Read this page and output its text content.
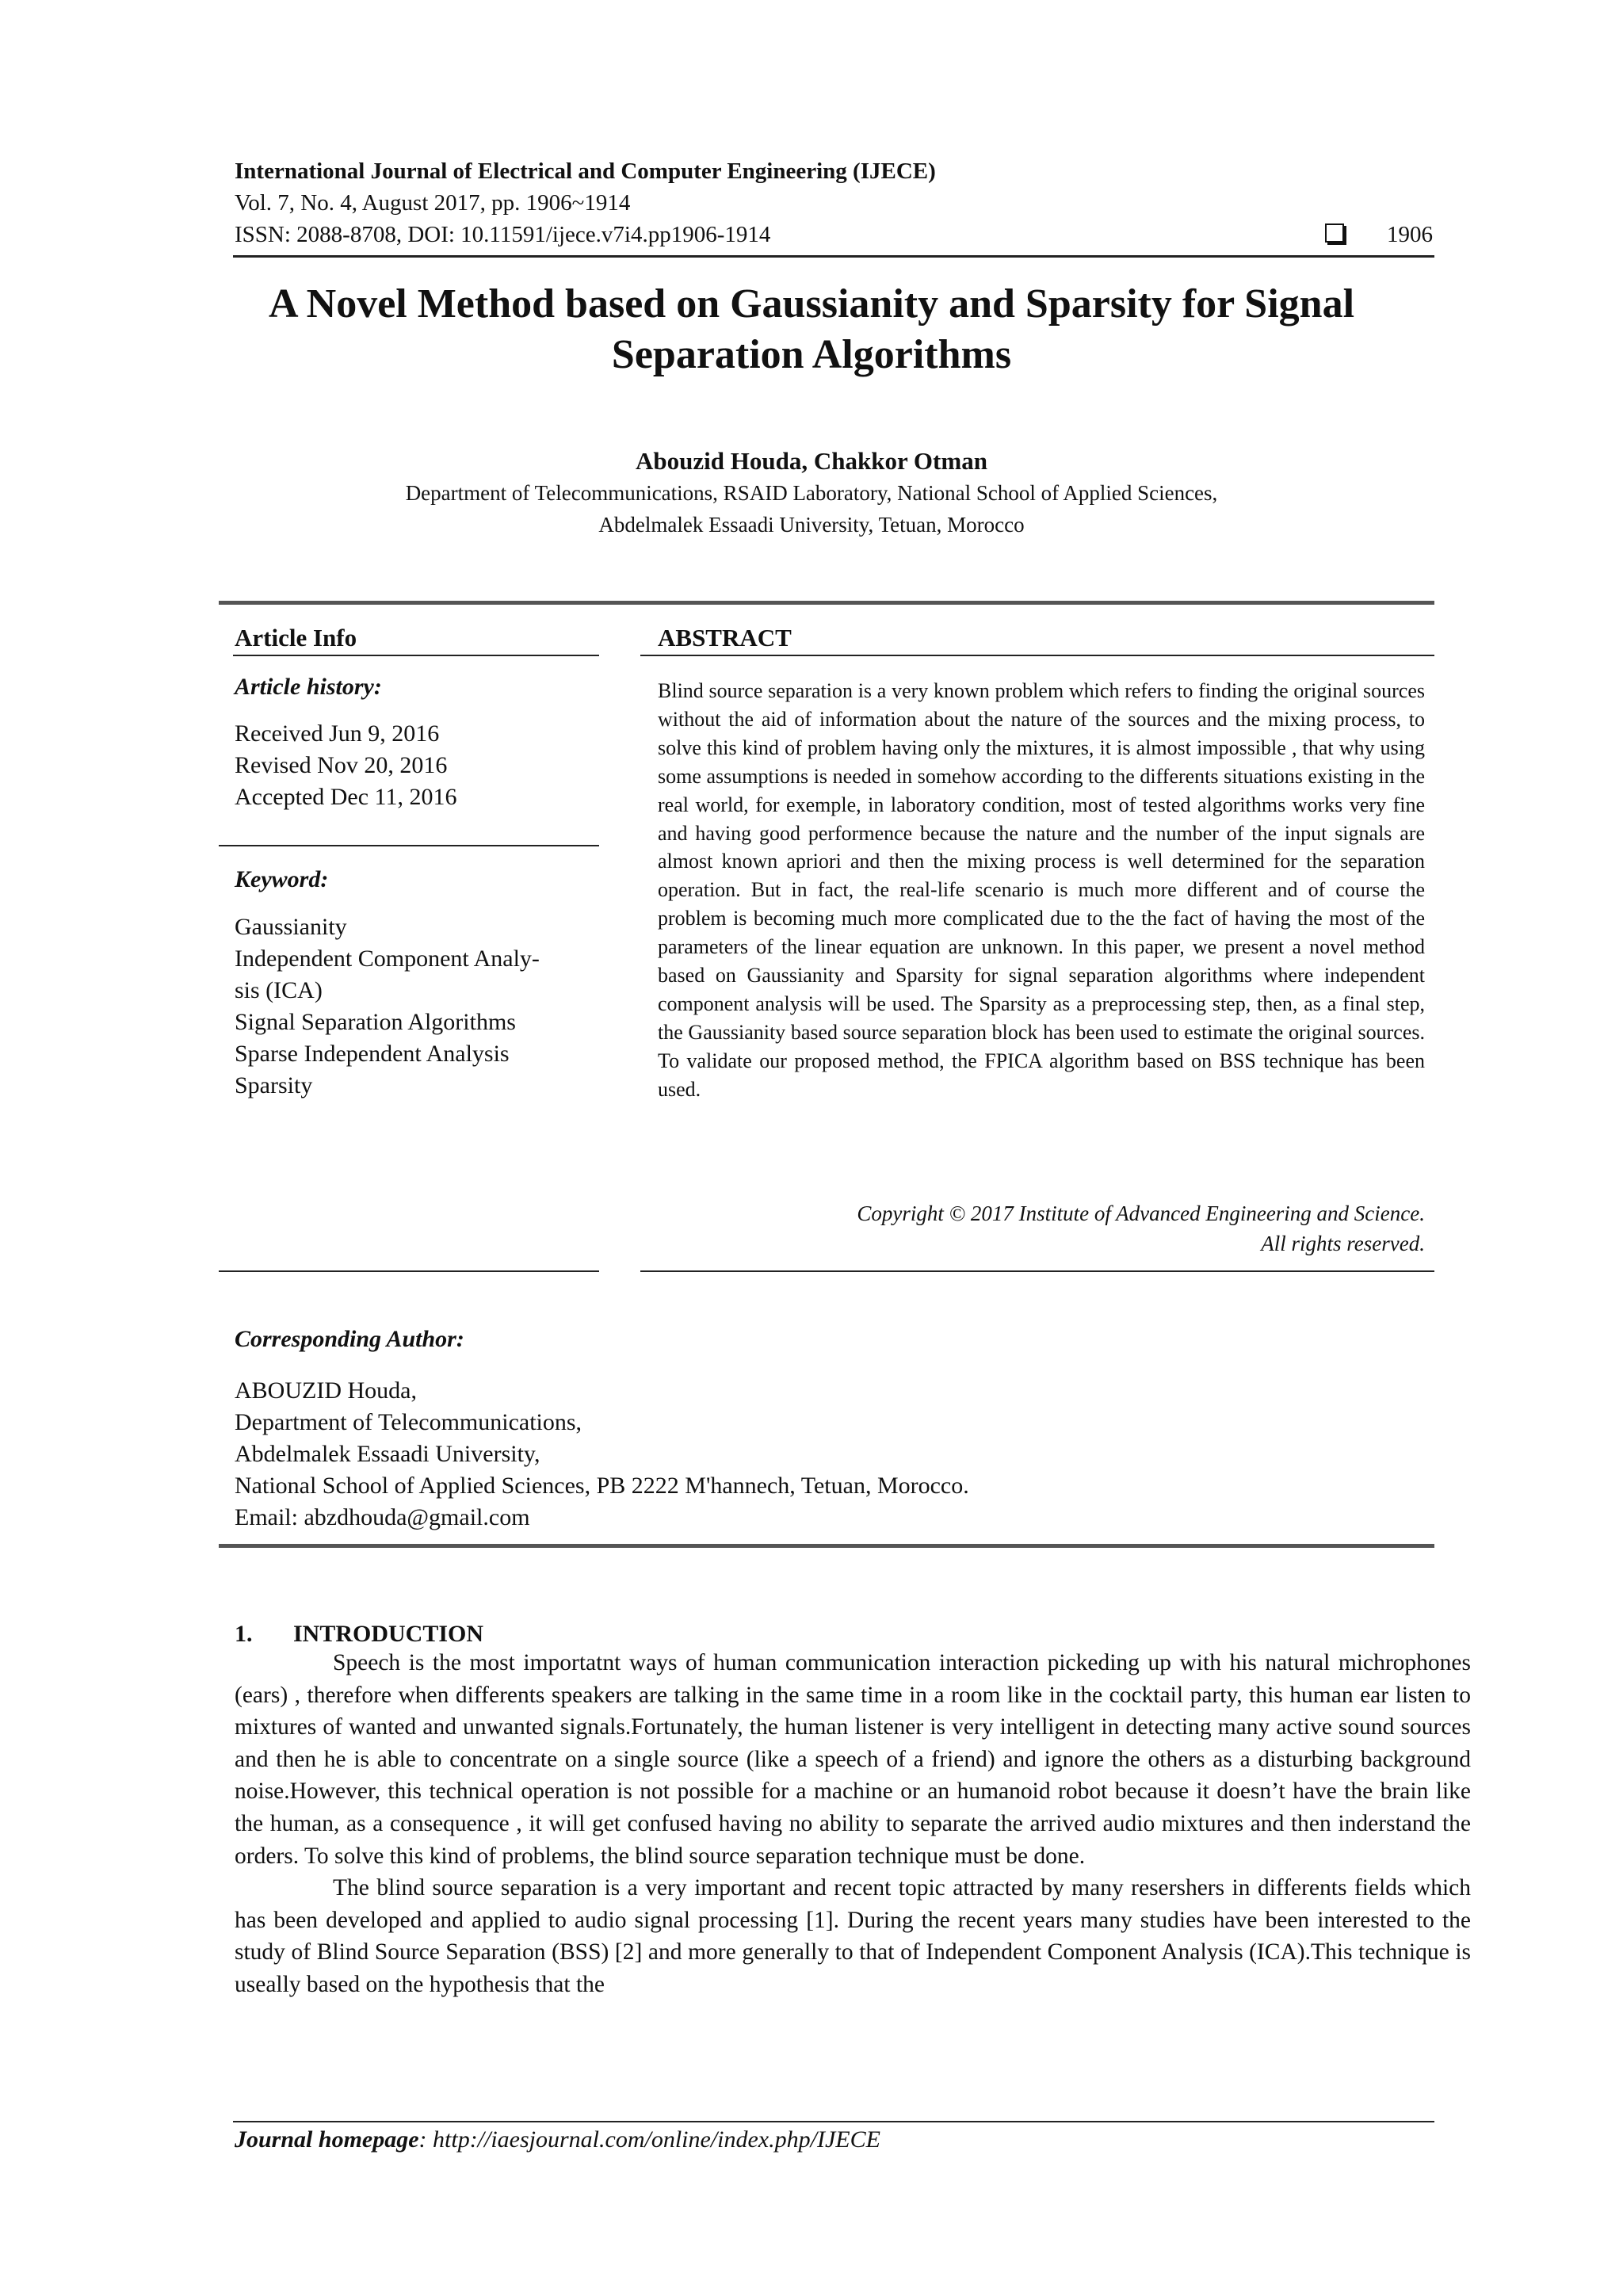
International Journal of Electrical and Computer Engineering (IJECE)
Vol. 7, No. 4, August 2017, pp. 1906~1914
ISSN: 2088-8708, DOI: 10.11591/ijece.v7i4.pp1906-1914	1906
A Novel Method based on Gaussianity and Sparsity for Signal
Separation Algorithms
Abouzid Houda, Chakkor Otman
Department of Telecommunications, RSAID Laboratory, National School of Applied Sciences,
Abdelmalek Essaadi University, Tetuan, Morocco
Article Info
Article history:
Received Jun 9, 2016
Revised Nov 20, 2016
Accepted Dec 11, 2016
Keyword:
Gaussianity
Independent Component Analy-
sis (ICA)
Signal Separation Algorithms
Sparse Independent Analysis
Sparsity
ABSTRACT
Blind source separation is a very known problem which refers to finding the original sources without the aid of information about the nature of the sources and the mixing process, to solve this kind of problem having only the mixtures, it is almost impossible , that why using some assumptions is needed in somehow according to the differents situations existing in the real world, for exemple, in laboratory condition, most of tested algorithms works very fine and having good performence because the nature and the number of the input signals are almost known apriori and then the mixing process is well determined for the separation operation. But in fact, the real-life scenario is much more different and of course the problem is becoming much more complicated due to the the fact of having the most of the parameters of the linear equation are unknown. In this paper, we present a novel method based on Gaussianity and Sparsity for signal separation algorithms where independent component analysis will be used. The Sparsity as a preprocessing step, then, as a final step, the Gaussianity based source separation block has been used to estimate the original sources. To validate our proposed method, the FPICA algorithm based on BSS technique has been used.
Copyright © 2017 Institute of Advanced Engineering and Science.
All rights reserved.
Corresponding Author:
ABOUZID Houda,
Department of Telecommunications,
Abdelmalek Essaadi University,
National School of Applied Sciences, PB 2222 M'hannech, Tetuan, Morocco.
Email: abzdhouda@gmail.com
1. INTRODUCTION

Speech is the most importatnt ways of human communication interaction pickeding up with his natural michrophones (ears) , therefore when differents speakers are talking in the same time in a room like in the cocktail party, this human ear listen to mixtures of wanted and unwanted signals.Fortunately, the human listener is very intelligent in detecting many active sound sources and then he is able to concentrate on a single source (like a speech of a friend) and ignore the others as a disturbing background noise.However, this technical operation is not possible for a machine or an humanoid robot because it doesn’t have the brain like the human, as a consequence , it will get confused having no ability to separate the arrived audio mixtures and then inderstand the orders. To solve this kind of problems, the blind source separation technique must be done.

The blind source separation is a very important and recent topic attracted by many resershers in differents fields which has been developed and applied to audio signal processing [1]. During the recent years many studies have been interested to the study of Blind Source Separation (BSS) [2] and more generally to that of Independent Component Analysis (ICA).This technique is useally based on the hypothesis that the

Journal homepage: http://iaesjournal.com/online/index.php/IJECE
